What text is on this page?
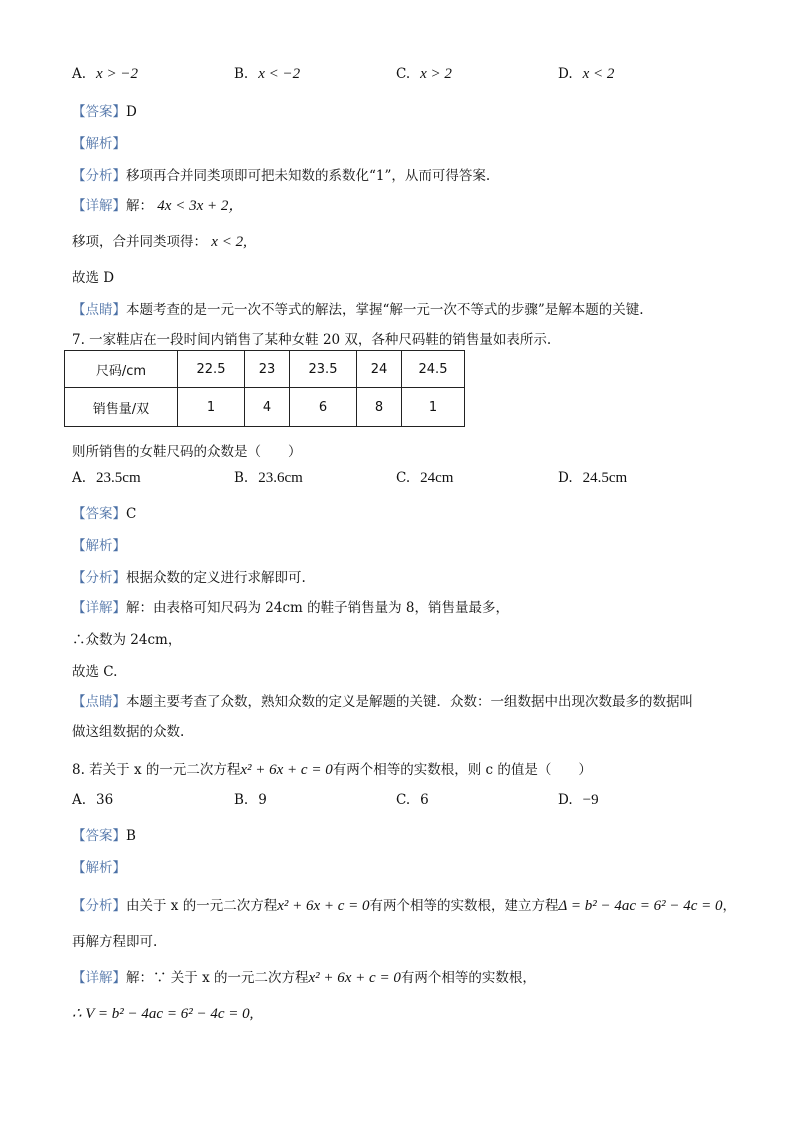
A. x > −2	B. x < −2	C. x > 2	D. x < 2
【答案】D
【解析】
【分析】移项再合并同类项即可把未知数的系数化“1”，从而可得答案.
【详解】解： 4x < 3x + 2，
移项，合并同类项得： x < 2,
故选 D
【点睛】本题考查的是一元一次不等式的解法，掌握“解一元一次不等式的步骤”是解本题的关键.
7. 一家鞋店在一段时间内销售了某种女鞋 20 双，各种尺码鞋的销售量如表所示.
尺码/cm	22.5	23	23.5	24	24.5
销售量/双	1	4	6	8	1
则所销售的女鞋尺码的众数是（　　）
A. 23.5cm	B. 23.6cm	C. 24cm	D. 24.5cm
【答案】C
【解析】
【分析】根据众数的定义进行求解即可.
【详解】解：由表格可知尺码为 24cm 的鞋子销售量为 8，销售量最多，
∴众数为 24cm，
故选 C.
【点睛】本题主要考查了众数，熟知众数的定义是解题的关键．众数：一组数据中出现次数最多的数据叫
做这组数据的众数.
8. 若关于 x 的一元二次方程x² + 6x + c = 0有两个相等的实数根，则 c 的值是（　　）
A. 36	B. 9	C. 6	D. −9
【答案】B
【解析】
【分析】由关于 x 的一元二次方程x² + 6x + c = 0有两个相等的实数根，建立方程Δ = b² − 4ac = 6² − 4c = 0，
再解方程即可.
【详解】解：∵ 关于 x 的一元二次方程x² + 6x + c = 0有两个相等的实数根，
∴ V = b² − 4ac = 6² − 4c = 0,
